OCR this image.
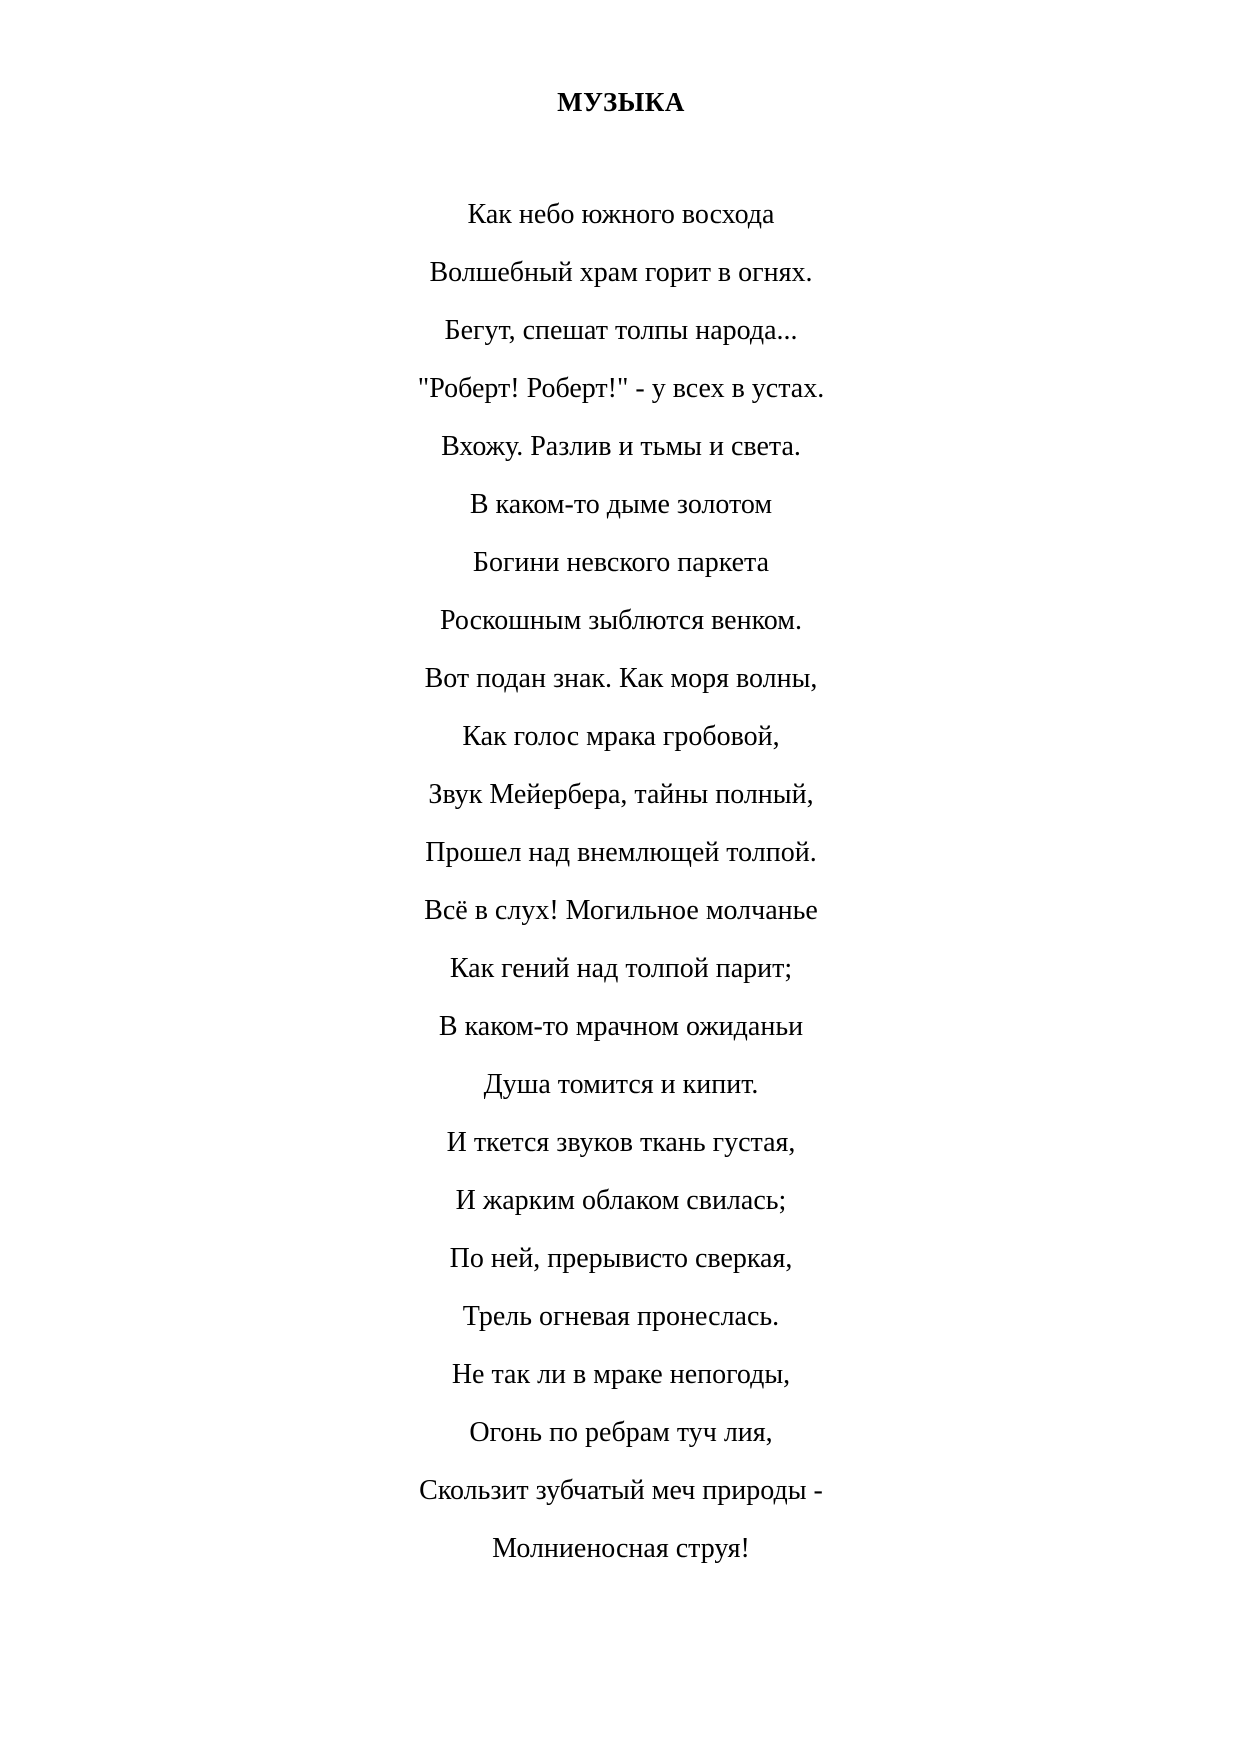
МУЗЫКА
Как небо южного восхода
Волшебный храм горит в огнях.
Бегут, спешат толпы народа...
"Роберт! Роберт!" - у всех в устах.
Вхожу. Разлив и тьмы и света.
В каком-то дыме золотом
Богини невского паркета
Роскошным зыблются венком.
Вот подан знак. Как моря волны,
Как голос мрака гробовой,
Звук Мейербера, тайны полный,
Прошел над внемлющей толпой.
Всё в слух! Могильное молчанье
Как гений над толпой парит;
В каком-то мрачном ожиданьи
Душа томится и кипит.
И ткется звуков ткань густая,
И жарким облаком свилась;
По ней, прерывисто сверкая,
Трель огневая пронеслась.
Не так ли в мраке непогоды,
Огонь по ребрам туч лия,
Скользит зубчатый меч природы -
Молниеносная струя!
